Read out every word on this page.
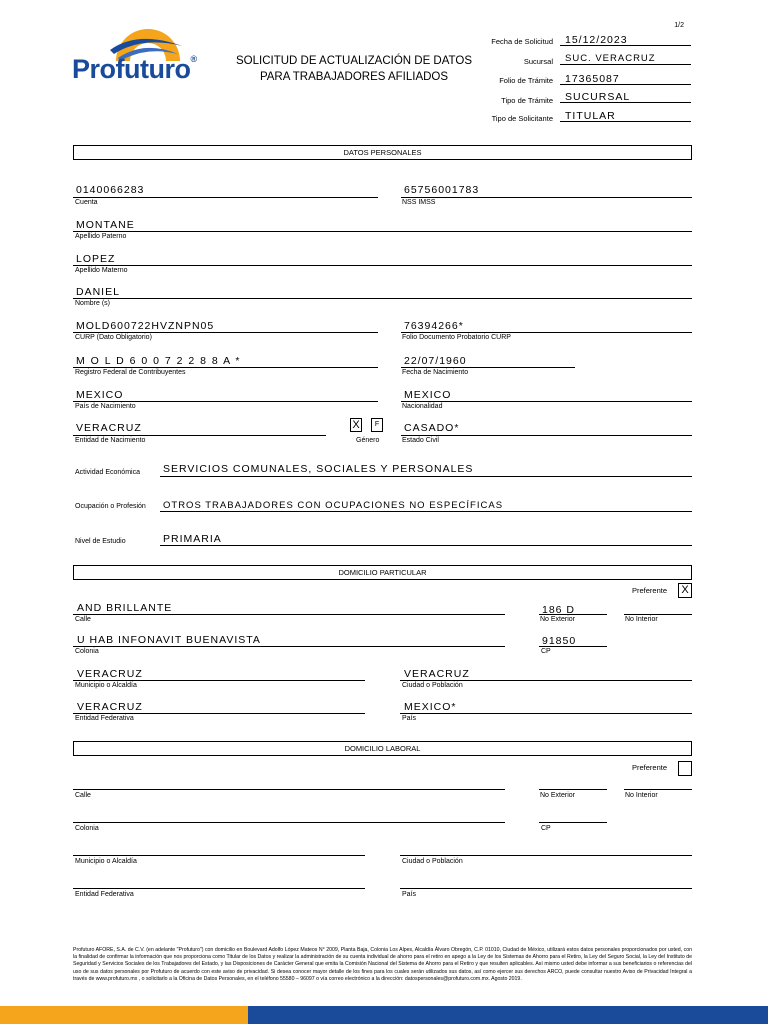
1/2
Profuturo®	SOLICITUD DE ACTUALIZACIÓN DE DATOS
PARA TRABAJADORES AFILIADOS
Fecha de Solicitud 15/12/2023
Sucursal SUC. VERACRUZ
Folio de Trámite 17365087
Tipo de Trámite SUCURSAL
Tipo de Solicitante TITULAR
DATOS PERSONALES
0140066283
Cuenta
65756001783
NSS IMSS
MONTANE
Apellido Paterno
LOPEZ
Apellido Materno
DANIEL
Nombre (s)
MOLD600722HVZNPN05
CURP (Dato Obligatorio)
76394266*
Folio Documento Probatorio CURP
M O L D 6 0 0 7 2 2 8 8 A *
Registro Federal de Contribuyentes
22/07/1960
Fecha de Nacimiento
MEXICO
País de Nacimiento
MEXICO
Nacionalidad
VERACRUZ
Entidad de Nacimiento
X	F
Género
CASADO*
Estado Civil
Actividad Económica SERVICIOS COMUNALES, SOCIALES Y PERSONALES
Ocupación o Profesión OTROS TRABAJADORES CON OCUPACIONES NO ESPECÍFICAS
Nivel de Estudio	PRIMARIA
DOMICILIO PARTICULAR
Preferente	X
AND BRILLANTE
Calle
186 D
No Exterior	No Interior
U HAB INFONAVIT BUENAVISTA
Colonia
91850
CP
VERACRUZ
Municipio o Alcaldía
VERACRUZ
Ciudad o Población
VERACRUZ
Entidad Federativa
MEXICO*
País
DOMICILIO LABORAL
Preferente
Calle	No Exterior	No Interior
Colonia	CP
Municipio o Alcaldía	Ciudad o Población
Entidad Federativa	País
Profuturo AFORE, S.A. de C.V. (en adelante "Profuturo") con domicilio en Boulevard Adolfo López Mateos N° 2009, Planta Baja, Colonia Los Alpes, Alcaldía Álvaro Obregón, C.P. 01010, Ciudad de México, utilizará estos datos personales proporcionados por usted, con la finalidad de confirmar la información que nos proporciona como Titular de los Datos y realizar la administración de su cuenta individual de ahorro para el retiro en apego a la Ley de los Sistemas de Ahorro para el Retiro, la Ley del Seguro Social, la Ley del Instituto de Seguridad y Servicios Sociales de los Trabajadores del Estado, y las Disposiciones de Carácter General que emita la Comisión Nacional del Sistema de Ahorro para el Retiro y que resulten aplicables. Así mismo usted debe informar a sus beneficiarios o referencias del uso de sus datos personales por Profuturo de acuerdo con este aviso de privacidad. Si desea conocer mayor detalle de los fines para los cuales serán utilizados sus datos, así como ejercer sus derechos ARCO, puede consultar nuestro Aviso de Privacidad Integral a través de www.profuturo.mx , o solicitarlo a la Oficina de Datos Personales, en el teléfono 55580 – 96097 o vía correo electrónico a la dirección: datospersonales@profuturo.com.mx. Agosto 2019.
